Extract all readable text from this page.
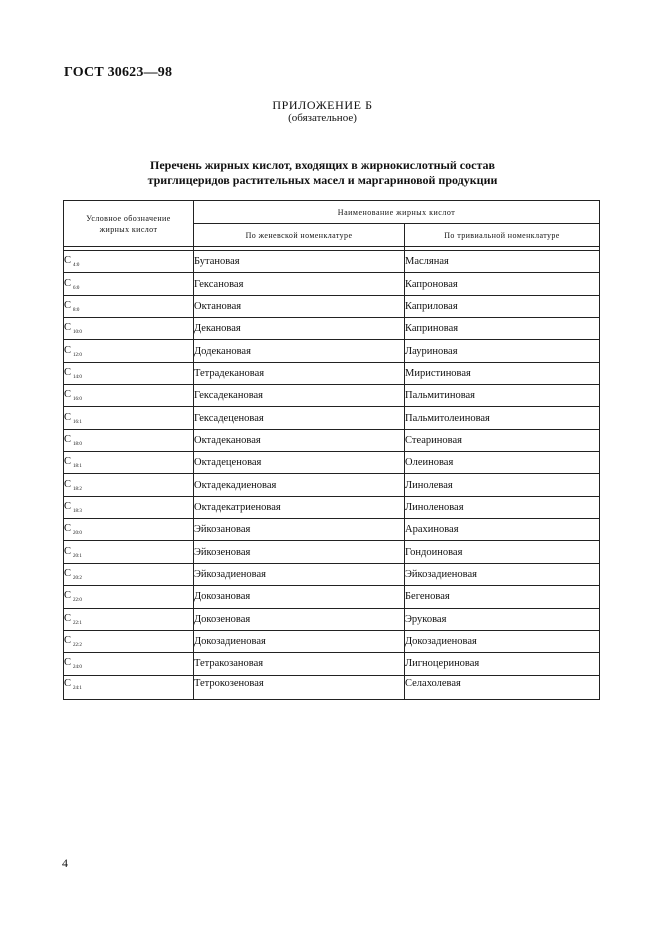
ГОСТ 30623—98
ПРИЛОЖЕНИЕ Б
(обязательное)
Перечень жирных кислот, входящих в жирнокислотный состав
триглицеридов растительных масел и маргариновой продукции
Условное обозначение
жирных кислот	Наименование жирных кислот	
	По женевской номенклатуре	По тривиальной номенклатуре

C $_{4:0}$	Бутановая	Масляная
C $_{6:0}$	Гексановая	Капроновая
C $_{8:0}$	Октановая	Каприловая
C $_{10:0}$	Декановая	Каприновая
C $_{12:0}$	Додекановая	Лауриновая
C $_{14:0}$	Тетрадекановая	Миристиновая
C $_{16:0}$	Гексадекановая	Пальмитиновая
C $_{16:1}$	Гексадеценовая	Пальмитолеиновая
C $_{18:0}$	Октадекановая	Стеариновая
C $_{18:1}$	Октадеценовая	Олеиновая
C $_{18:2}$	Октадекадиеновая	Линолевая
C $_{18:3}$	Октадекатриеновая	Линоленовая
C $_{20:0}$	Эйкозановая	Арахиновая
C $_{20:1}$	Эйкозеновая	Гондоиновая
C $_{20:2}$	Эйкозадиеновая	Эйкозадиеновая
C $_{22:0}$	Докозановая	Бегеновая
C $_{22:1}$	Докозеновая	Эруковая
C $_{22:2}$	Докозадиеновая	Докозадиеновая
C $_{24:0}$	Тетракозановая	Лигноцериновая
C $_{24:1}$	Тетрокозеновая	Селахолевая
4
